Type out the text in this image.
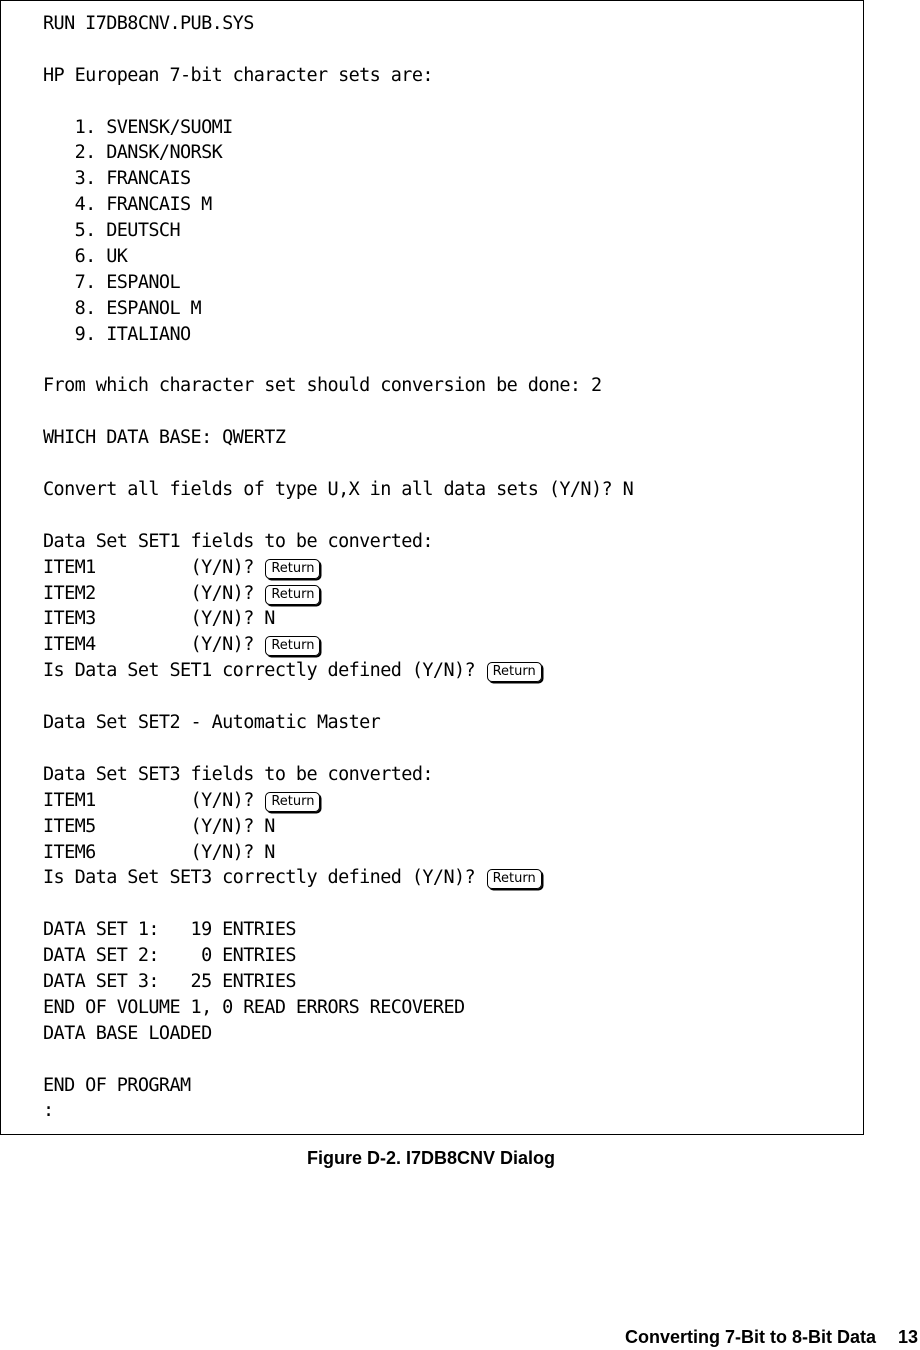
RUN I7DB8CNV.PUB.SYS
HP European 7-bit character sets are:
1. SVENSK/SUOMI
2. DANSK/NORSK
3. FRANCAIS
4. FRANCAIS M
5. DEUTSCH
6. UK
7. ESPANOL
8. ESPANOL M
9. ITALIANO
From which character set should conversion be done: 2
WHICH DATA BASE: QWERTZ
Convert all fields of type U,X in all data sets (Y/N)? N
Data Set SET1 fields to be converted:
ITEM1         (Y/N)? Return
ITEM2         (Y/N)? Return
ITEM3         (Y/N)? N
ITEM4         (Y/N)? Return
Is Data Set SET1 correctly defined (Y/N)? Return
Data Set SET2 - Automatic Master
Data Set SET3 fields to be converted:
ITEM1         (Y/N)? Return
ITEM5         (Y/N)? N
ITEM6         (Y/N)? N
Is Data Set SET3 correctly defined (Y/N)? Return
DATA SET 1:   19 ENTRIES
DATA SET 2:    0 ENTRIES
DATA SET 3:   25 ENTRIES
END OF VOLUME 1, 0 READ ERRORS RECOVERED
DATA BASE LOADED
END OF PROGRAM
:
Figure D-2. I7DB8CNV Dialog
Converting 7-Bit to 8-Bit Data 13
